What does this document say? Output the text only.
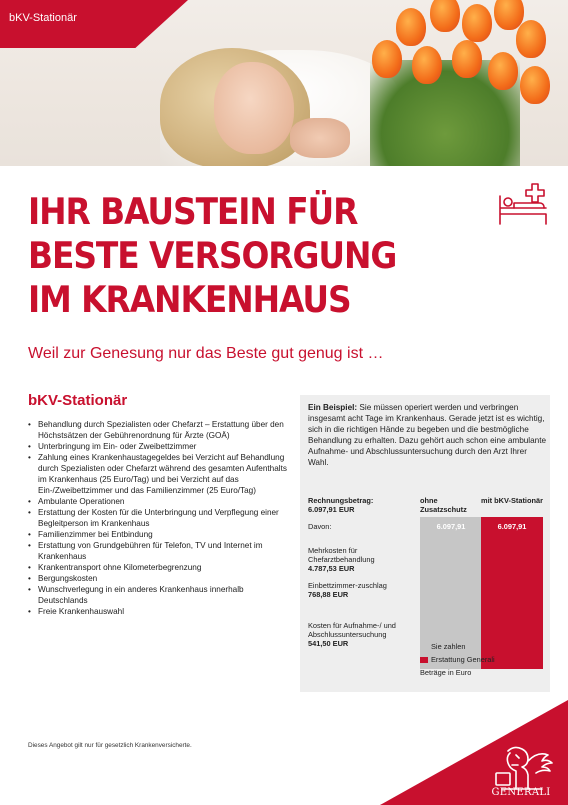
bKV-Stationär
IHR BAUSTEIN FÜR
BESTE VERSORGUNG
IM KRANKENHAUS

Weil zur Genesung nur das Beste gut genug ist …

bKV-Stationär
• Behandlung durch Spezialisten oder Chefarzt – Erstattung über den Höchstsätzen der Gebührenordnung für Ärzte (GOÄ)
• Unterbringung im Ein- oder Zweibettzimmer
• Zahlung eines Krankenhaustagegeldes bei Verzicht auf Behandlung durch Spezialisten oder Chefarzt während des gesamten Aufenthalts im Krankenhaus (25 Euro/Tag) und bei Verzicht auf das Ein-/Zweibettzimmer und das Familienzimmer (25 Euro/Tag)
• Ambulante Operationen
• Erstattung der Kosten für die Unterbringung und Verpflegung einer Begleitperson im Krankenhaus
• Familienzimmer bei Entbindung
• Erstattung von Grundgebühren für Telefon, TV und Internet im Krankenhaus
• Krankentransport ohne Kilometerbegrenzung
• Bergungskosten
• Wunschverlegung in ein anderes Krankenhaus innerhalb Deutschlands
• Freie Krankenhauswahl

Ein Beispiel: Sie müssen operiert werden und verbringen insgesamt acht Tage im Krankenhaus. Gerade jetzt ist es wichtig, sich in die richtigen Hände zu begeben und die bestmögliche Behandlung zu erhalten. Dazu gehört auch schon eine ambulante Aufnahme- und Abschlussuntersuchung durch den Arzt Ihrer Wahl.

Rechnungsbetrag:
6.097,91 EUR
ohne Zusatzschutz
mit bKV-Stationär
Davon:
Mehrkosten für Chefarztbehandlung
4.787,53 EUR
Einbettzimmer-zuschlag
768,88 EUR
Kosten für Aufnahme-/ und Abschlussuntersuchung
541,50 EUR
6.097,91	6.097,91
Sie zahlen
Erstattung Generali
Beträge in Euro

Dieses Angebot gilt nur für gesetzlich Krankenversicherte.

GENERALI
